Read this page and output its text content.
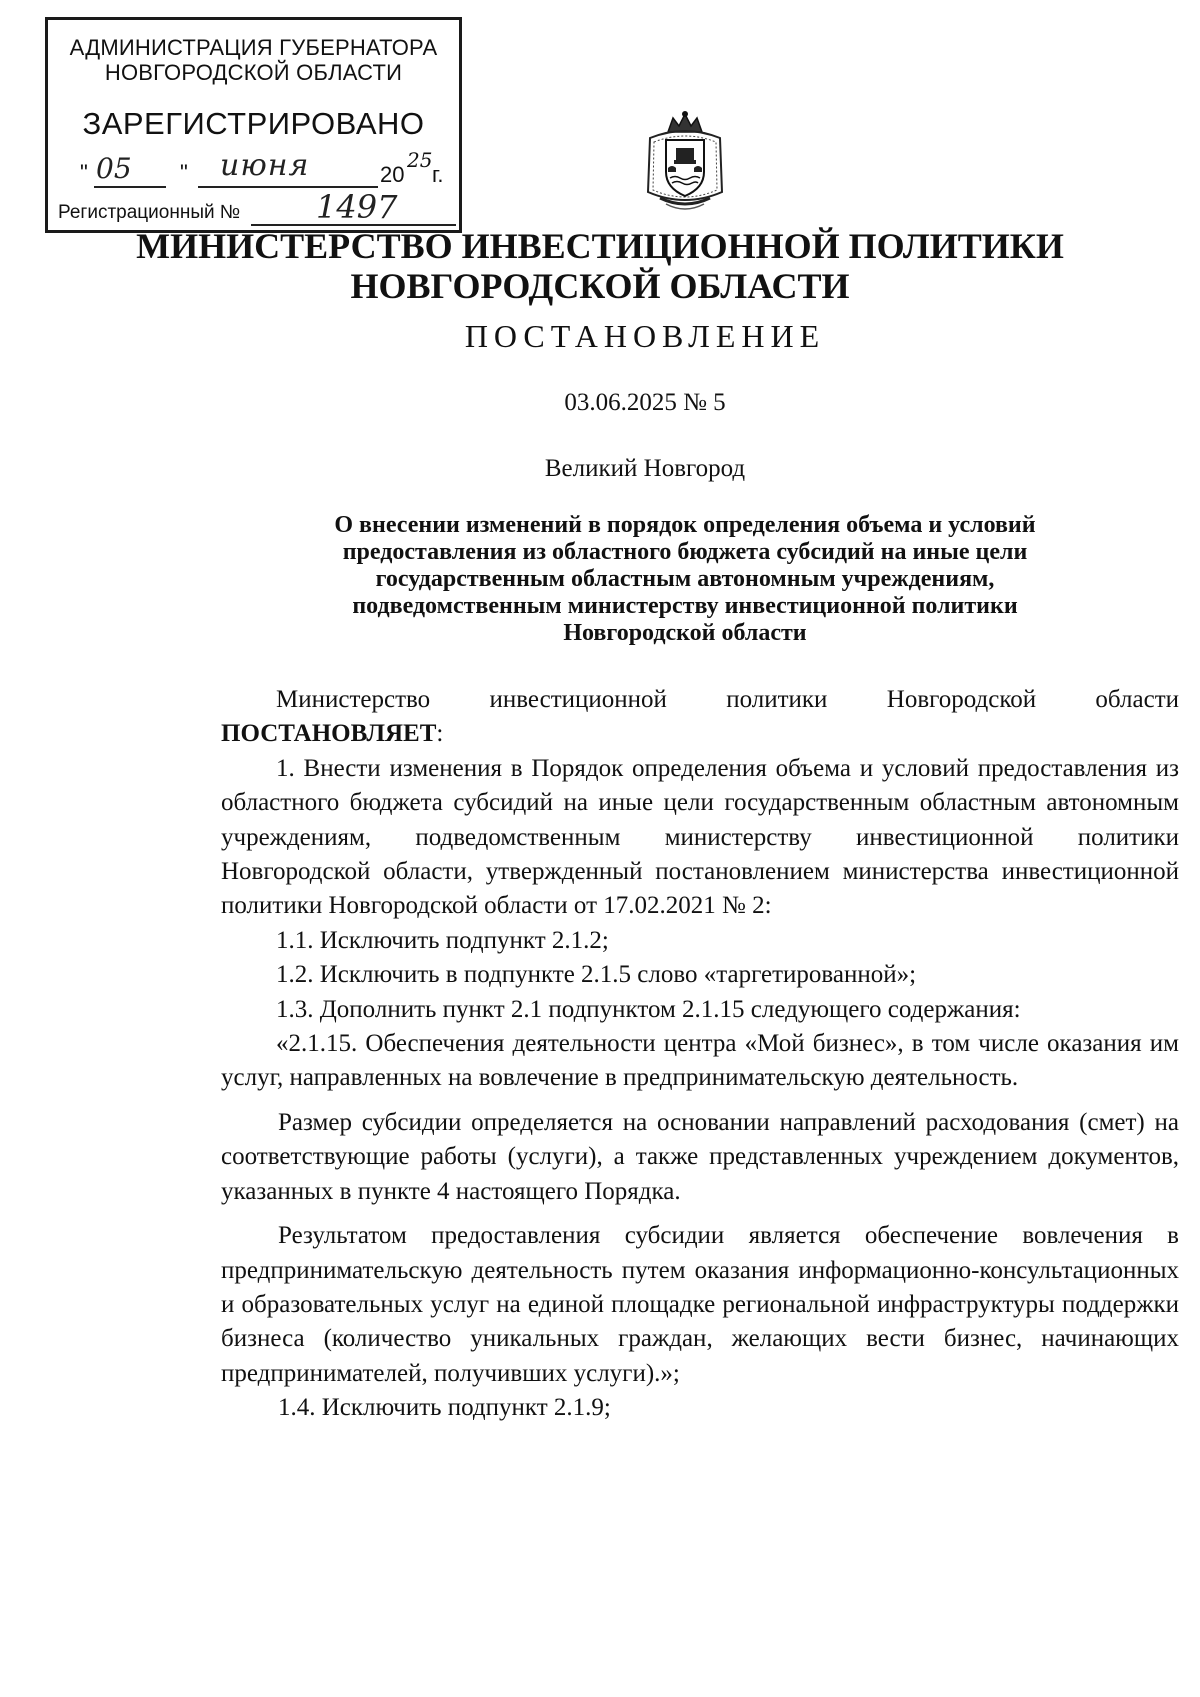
АДМИНИСТРАЦИЯ ГУБЕРНАТОРА
НОВГОРОДСКОЙ ОБЛАСТИ
ЗАРЕГИСТРИРОВАНО
" 05	" июня	20
25
г.
Регистрационный № 1497
МИНИСТЕРСТВО ИНВЕСТИЦИОННОЙ ПОЛИТИКИ
НОВГОРОДСКОЙ ОБЛАСТИ
ПОСТАНОВЛЕНИЕ
03.06.2025 № 5
Великий Новгород
О внесении изменений в порядок определения объема и условий
предоставления из областного бюджета субсидий на иные цели
государственным областным автономным учреждениям,
подведомственным министерству инвестиционной политики
Новгородской области

Министерство инвестиционной политики Новгородской области

ПОСТАНОВЛЯЕТ:

1. Внести изменения в Порядок определения объема и условий предоставления из областного бюджета субсидий на иные цели государственным областным автономным учреждениям, подведомственным министерству инвестиционной политики Новгородской области, утвержденный постановлением министерства инвестиционной политики Новгородской области от 17.02.2021 № 2:

1.1. Исключить подпункт 2.1.2;

1.2. Исключить в подпункте 2.1.5 слово «таргетированной»;

1.3. Дополнить пункт 2.1 подпунктом 2.1.15 следующего содержания:

«2.1.15. Обеспечения деятельности центра «Мой бизнес», в том числе оказания им услуг, направленных на вовлечение в предпринимательскую деятельность.

Размер субсидии определяется на основании направлений расходования (смет) на соответствующие работы (услуги), а также представленных учреждением документов, указанных в пункте 4 настоящего Порядка.

Результатом предоставления субсидии является обеспечение вовлечения в предпринимательскую деятельность путем оказания информационно-консультационных и образовательных услуг на единой площадке региональной инфраструктуры поддержки бизнеса (количество уникальных граждан, желающих вести бизнес, начинающих предпринимателей, получивших услуги).»;

1.4. Исключить подпункт 2.1.9;
